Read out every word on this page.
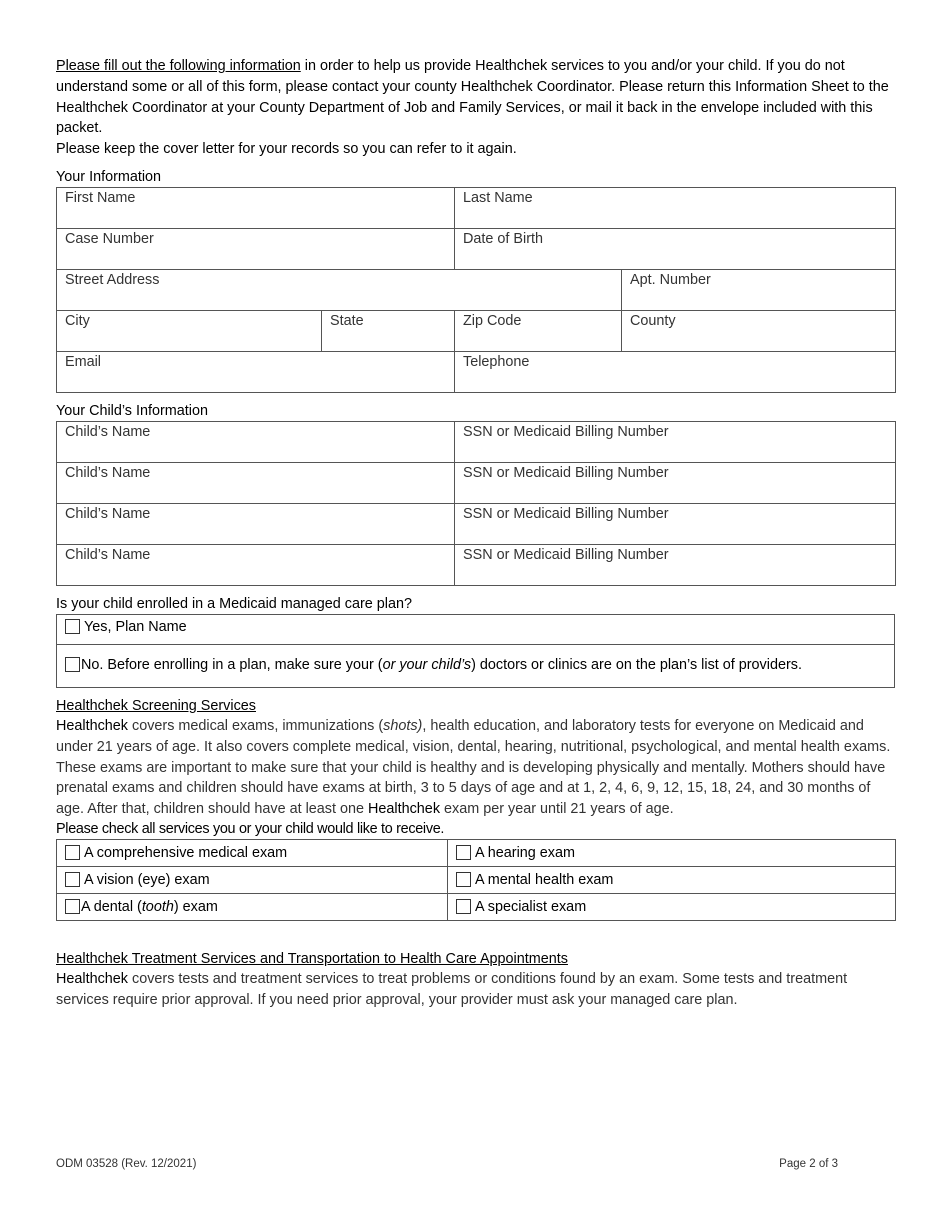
Please fill out the following information in order to help us provide Healthchek services to you and/or your child. If you do not understand some or all of this form, please contact your county Healthchek Coordinator. Please return this Information Sheet to the Healthchek Coordinator at your County Department of Job and Family Services, or mail it back in the envelope included with this packet.
Please keep the cover letter for your records so you can refer to it again.
Your Information
First Name		Last Name	
Case Number		Date of Birth	
Street Address			Apt. Number
City	State	Zip Code	County
Email		Telephone	
Your Child’s Information
Child’s Name	SSN or Medicaid Billing Number
Child’s Name	SSN or Medicaid Billing Number
Child’s Name	SSN or Medicaid Billing Number
Child’s Name	SSN or Medicaid Billing Number
Is your child enrolled in a Medicaid managed care plan?
Yes, Plan Name
No. Before enrolling in a plan, make sure your (or your child’s) doctors or clinics are on the plan’s list of providers.
Healthchek Screening Services
Healthchek covers medical exams, immunizations (shots), health education, and laboratory tests for everyone on Medicaid and under 21 years of age. It also covers complete medical, vision, dental, hearing, nutritional, psychological, and mental health exams. These exams are important to make sure that your child is healthy and is developing physically and mentally. Mothers should have prenatal exams and children should have exams at birth, 3 to 5 days of age and at 1, 2, 4, 6, 9, 12, 15, 18, 24, and 30 months of age. After that, children should have at least one Healthchek exam per year until 21 years of age.
Please check all services you or your child would like to receive.
A comprehensive medical exam	A hearing exam
A vision (eye) exam	A mental health exam
A dental (tooth) exam	A specialist exam
Healthchek Treatment Services and Transportation to Health Care Appointments
Healthchek covers tests and treatment services to treat problems or conditions found by an exam. Some tests and treatment services require prior approval. If you need prior approval, your provider must ask your managed care plan.
ODM 03528 (Rev. 12/2021)	Page 2 of 3
